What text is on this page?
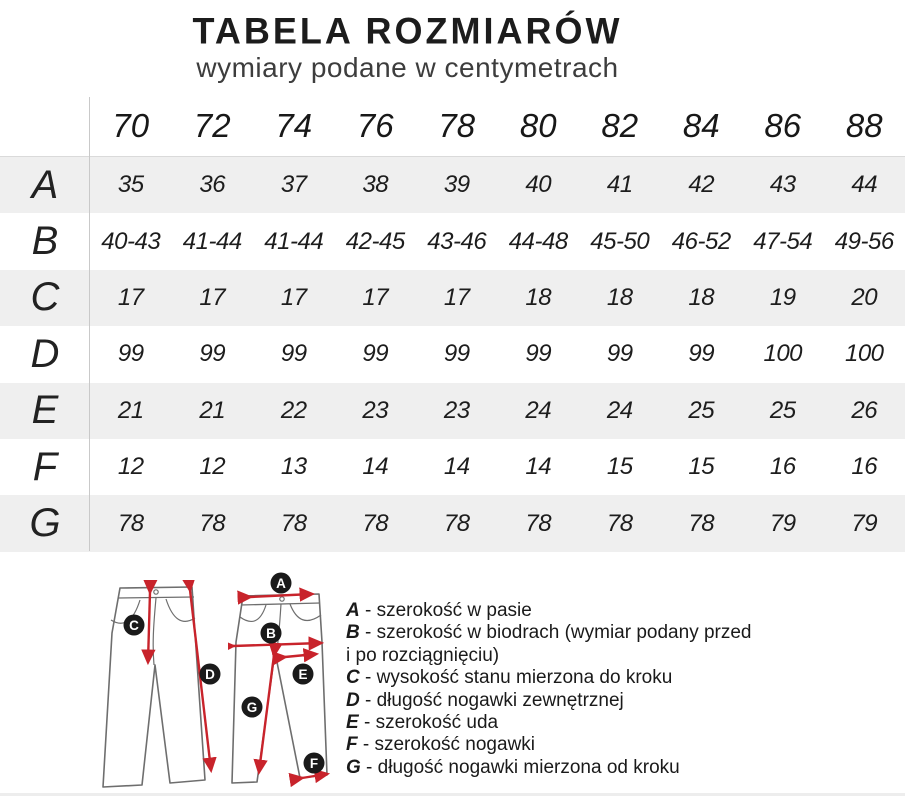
TABELA ROZMIARÓW
wymiary podane w centymetrach
70	72	74	76	78	80	82	84	86	88
A	35	36	37	38	39	40	41	42	43	44
B	40-43 41-44 41-44 42-45 43-46 44-48 45-50 46-52 47-54 49-56
C	17	17	17	17	17	18	18	18	19	20
D	99	99	99	99	99	99	99	99	100	100
E	21	21	22	23	23	24	24	25	25	26
F	12	12	13	14	14	14	15	15	16	16
G	78	78	78	78	78	78	78	78	79	79
C
D
A
B
E
G
F
A - szerokość w pasie
B - szerokość w biodrach (wymiar podany przed
i po rozciągnięciu)
C - wysokość stanu mierzona do kroku
D - długość nogawki zewnętrznej
E - szerokość uda
F - szerokość nogawki
G - długość nogawki mierzona od kroku
